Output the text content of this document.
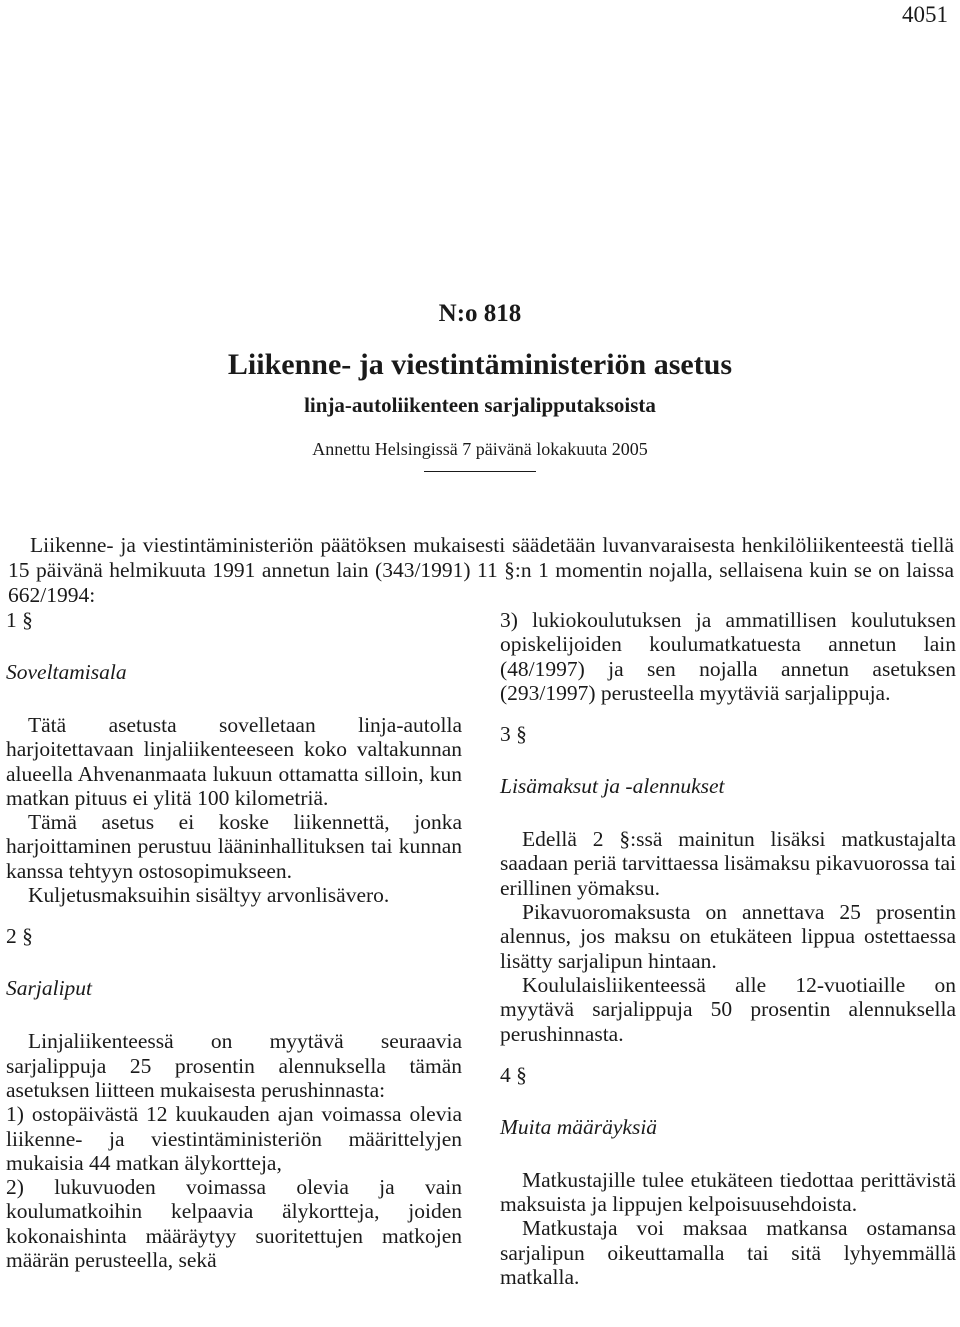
4051
N:o 818
Liikenne- ja viestintäministeriön asetus
linja-autoliikenteen sarjalipputaksoista
Annettu Helsingissä 7 päivänä lokakuuta 2005

Liikenne- ja viestintäministeriön päätöksen mukaisesti säädetään luvanvaraisesta henkilöliikenteestä tiellä 15 päivänä helmikuuta 1991 annetun lain (343/1991) 11 §:n 1 momentin nojalla, sellaisena kuin se on laissa 662/1994:

1 §

Soveltamisala

Tätä asetusta sovelletaan linja-autolla harjoitettavaan linjaliikenteeseen koko valtakunnan alueella Ahvenanmaata lukuun ottamatta silloin, kun matkan pituus ei ylitä 100 kilometriä.

Tämä asetus ei koske liikennettä, jonka harjoittaminen perustuu lääninhallituksen tai kunnan kanssa tehtyyn ostosopimukseen.

Kuljetusmaksuihin sisältyy arvonlisävero.

2 §

Sarjaliput

Linjaliikenteessä on myytävä seuraavia sarjalippuja 25 prosentin alennuksella tämän asetuksen liitteen mukaisesta perushinnasta:

1) ostopäivästä 12 kuukauden ajan voimassa olevia liikenne- ja viestintäministeriön määrittelyjen mukaisia 44 matkan älykortteja,

2) lukuvuoden voimassa olevia ja vain koulumatkoihin kelpaavia älykortteja, joiden kokonaishinta määräytyy suoritettujen matkojen määrän perusteella, sekä

3) lukiokoulutuksen ja ammatillisen koulutuksen opiskelijoiden koulumatkatuesta annetun lain (48/1997) ja sen nojalla annetun asetuksen (293/1997) perusteella myytäviä sarjalippuja.

3 §

Lisämaksut ja -alennukset

Edellä 2 §:ssä mainitun lisäksi matkustajalta saadaan periä tarvittaessa lisämaksu pikavuorossa tai erillinen yömaksu.

Pikavuoromaksusta on annettava 25 prosentin alennus, jos maksu on etukäteen lippua ostettaessa lisätty sarjalipun hintaan.

Koululaisliikenteessä alle 12-vuotiaille on myytävä sarjalippuja 50 prosentin alennuksella perushinnasta.

4 §

Muita määräyksiä

Matkustajille tulee etukäteen tiedottaa perittävistä maksuista ja lippujen kelpoisuusehdoista.

Matkustaja voi maksaa matkansa ostamansa sarjalipun oikeuttamalla tai sitä lyhyemmällä matkalla.
